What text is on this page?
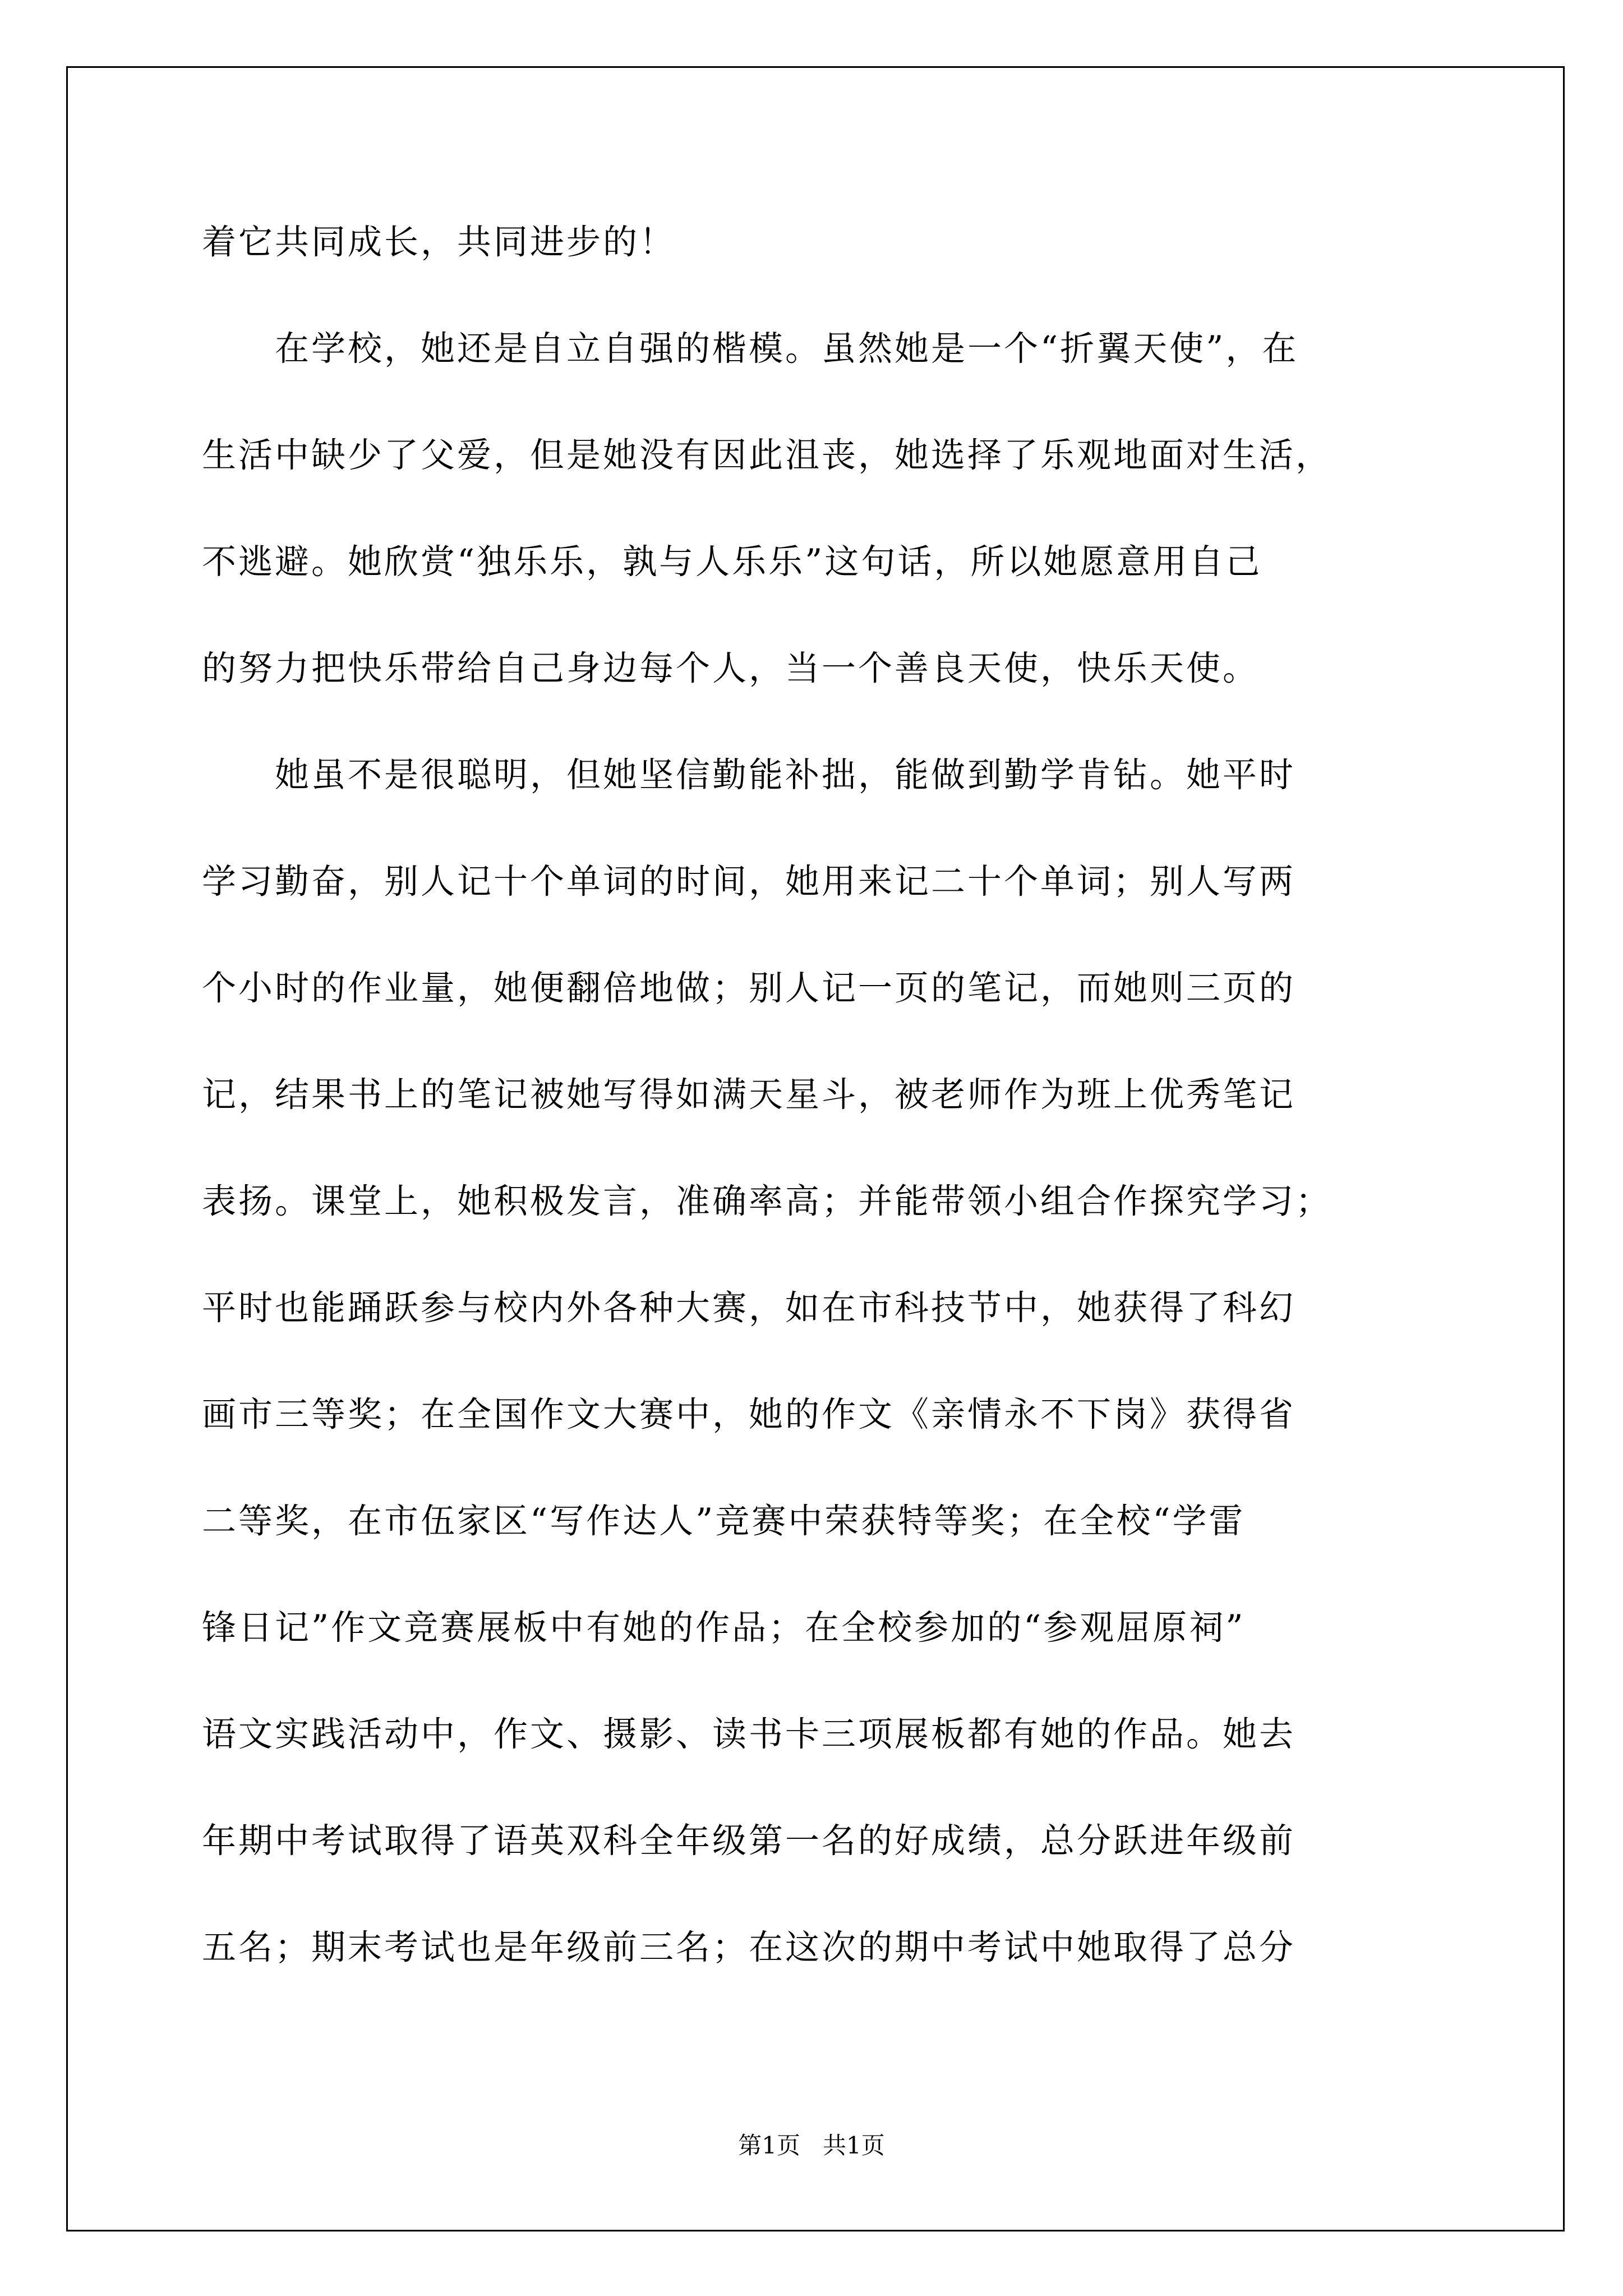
着它共同成长，共同进步的！
　　在学校，她还是自立自强的楷模。虽然她是一个“折翼天使”，在
生活中缺少了父爱，但是她没有因此沮丧，她选择了乐观地面对生活，
不逃避。她欣赏“独乐乐，孰与人乐乐”这句话，所以她愿意用自己
的努力把快乐带给自己身边每个人，当一个善良天使，快乐天使。
　　她虽不是很聪明，但她坚信勤能补拙，能做到勤学肯钻。她平时
学习勤奋，别人记十个单词的时间，她用来记二十个单词；别人写两
个小时的作业量，她便翻倍地做；别人记一页的笔记，而她则三页的
记，结果书上的笔记被她写得如满天星斗，被老师作为班上优秀笔记
表扬。课堂上，她积极发言，准确率高；并能带领小组合作探究学习；
平时也能踊跃参与校内外各种大赛，如在市科技节中，她获得了科幻
画市三等奖；在全国作文大赛中，她的作文《亲情永不下岗》获得省
二等奖，在市伍家区“写作达人”竞赛中荣获特等奖；在全校“学雷
锋日记”作文竞赛展板中有她的作品；在全校参加的“参观屈原祠”
语文实践活动中，作文、摄影、读书卡三项展板都有她的作品。她去
年期中考试取得了语英双科全年级第一名的好成绩，总分跃进年级前
五名；期末考试也是年级前三名；在这次的期中考试中她取得了总分
第1页   共1页
